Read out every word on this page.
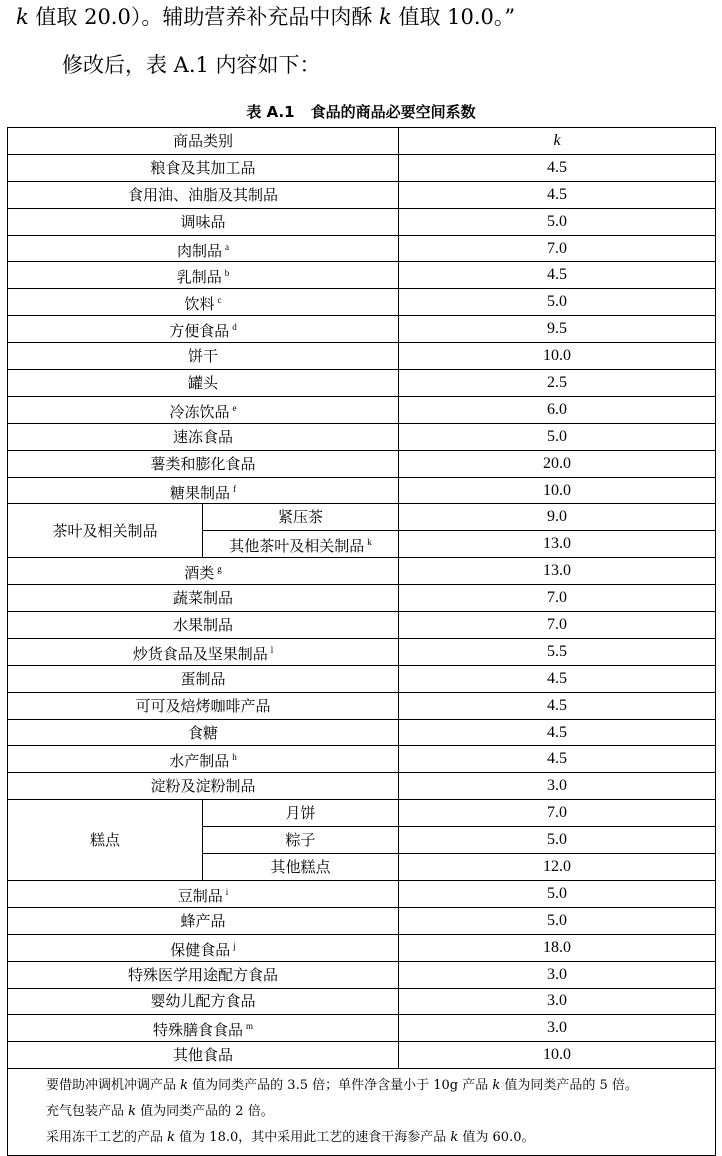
k 值取 20.0）。辅助营养补充品中肉酥 k 值取 10.0。”
修改后，表 A.1 内容如下：
表 A.1 食品的商品必要空间系数
商品类别		k
粮食及其加工品		4.5
食用油、油脂及其制品		4.5
调味品		5.0
肉制品 $^a$		7.0
乳制品 $^b$		4.5
饮料 $^c$		5.0
方便食品 $^d$		9.5
饼干		10.0
罐头		2.5
冷冻饮品 $^e$		6.0
速冻食品		5.0
薯类和膨化食品		20.0
糖果制品 $^f$		10.0
茶叶及相关制品	紧压茶	9.0
	其他茶叶及相关制品 $^k$	13.0
酒类 $^g$		13.0
蔬菜制品		7.0
水果制品		7.0
炒货食品及坚果制品 $^l$		5.5
蛋制品		4.5
可可及焙烤咖啡产品		4.5
食糖		4.5
水产制品 $^h$		4.5
淀粉及淀粉制品		3.0
糕点	月饼	7.0
	粽子	5.0
	其他糕点	12.0
豆制品 $^i$		5.0
蜂产品		5.0
保健食品 $^j$		18.0
特殊医学用途配方食品		3.0
婴幼儿配方食品		3.0
特殊膳食食品 $^m$		3.0
其他食品		10.0

要借助冲调机冲调产品 k 值为同类产品的 3.5 倍；单件净含量小于 10g 产品 k 值为同类产品的 5 倍。
充气包装产品 k 值为同类产品的 2 倍。
采用冻干工艺的产品 k 值为 18.0，其中采用此工艺的速食干海参产品 k 值为 60.0。		
